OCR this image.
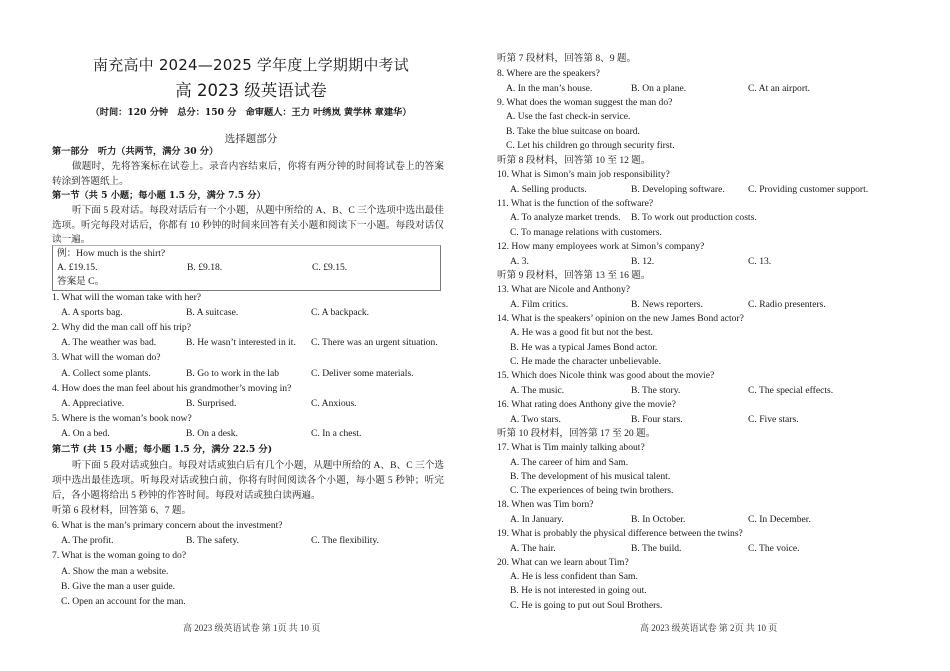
南充高中 2024—2025 学年度上学期期中考试
高 2023 级英语试卷
（时间：120 分钟　总分：150 分　命审题人：王力 叶绣岚 黄学林 章建华）
选择题部分
第一部分　听力（共两节，满分 30 分）
做题时，先将答案标在试卷上。录音内容结束后，你将有两分钟的时间将试卷上的答案转涂到答题纸上。
第一节（共 5 小题；每小题 1.5 分，满分 7.5 分）
听下面 5 段对话。每段对话后有一个小题，从题中所给的 A、B、C 三个选项中选出最佳选项。听完每段对话后，你都有 10 秒钟的时间来回答有关小题和阅读下一小题。每段对话仅读一遍。
例：How much is the shirt?
A. £19.15.	B. £9.18.	C. £9.15.
答案是 C。
1. What will the woman take with her?
A. A sports bag.	B. A suitcase.	C. A backpack.
2. Why did the man call off his trip?
A. The weather was bad.	B. He wasn’t interested in it. C. There was an urgent situation.
3. What will the woman do?
A. Collect some plants.	B. Go to work in the lab	C. Deliver some materials.
4. How does the man feel about his grandmother’s moving in?
A. Appreciative.	B. Surprised.	C. Anxious.
5. Where is the woman’s book now?
A. On a bed.	B. On a desk.	C. In a chest.
第二节 (共 15 小题；每小题 1.5 分，满分 22.5 分)
听下面 5 段对话或独白。每段对话或独白后有几个小题，从题中所给的 A、B、C 三个选项中选出最佳选项。听每段对话或独白前，你将有时间阅读各个小题，每小题 5 秒钟；听完后，各小题将给出 5 秒钟的作答时间。每段对话或独白读两遍。
听第 6 段材料，回答第 6、7 题。
6. What is the man’s primary concern about the investment?
A. The profit.	B. The safety.	C. The flexibility.
7. What is the woman going to do?
A. Show the man a website.
B. Give the man a user guide.
C. Open an account for the man.
高 2023 级英语试卷 第 1页 共 10 页
听第 7 段材料，回答第 8、9 题。
8. Where are the speakers?
A. In the man’s house.	B. On a plane.	C. At an airport.
9. What does the woman suggest the man do?
A. Use the fast check-in service.
B. Take the blue suitcase on board.
C. Let his children go through security first.
听第 8 段材料，回答第 10 至 12 题。
10. What is Simon’s main job responsibility?
A. Selling products.	B. Developing software. C. Providing customer support.
11. What is the function of the software?
A. To analyze market trends. B. To work out production costs.
C. To manage relations with customers.
12. How many employees work at Simon’s company?
A. 3.	B. 12.	C. 13.
听第 9 段材料，回答第 13 至 16 题。
13. What are Nicole and Anthony?
A. Film critics.	B. News reporters.	C. Radio presenters.
14. What is the speakers’ opinion on the new James Bond actor?
A. He was a good fit but not the best.
B. He was a typical James Bond actor.
C. He made the character unbelievable.
15. Which does Nicole think was good about the movie?
A. The music.	B. The story.	C. The special effects.
16. What rating does Anthony give the movie?
A. Two stars.	B. Four stars.	C. Five stars.
听第 10 段材料，回答第 17 至 20 题。
17. What is Tim mainly talking about?
A. The career of him and Sam.
B. The development of his musical talent.
C. The experiences of being twin brothers.
18. When was Tim born?
A. In January.	B. In October.	C. In December.
19. What is probably the physical difference between the twins?
A. The hair.	B. The build.	C. The voice.
20. What can we learn about Tim?
A. He is less confident than Sam.
B. He is not interested in going out.
C. He is going to put out Soul Brothers.
高 2023 级英语试卷 第 2页 共 10 页
